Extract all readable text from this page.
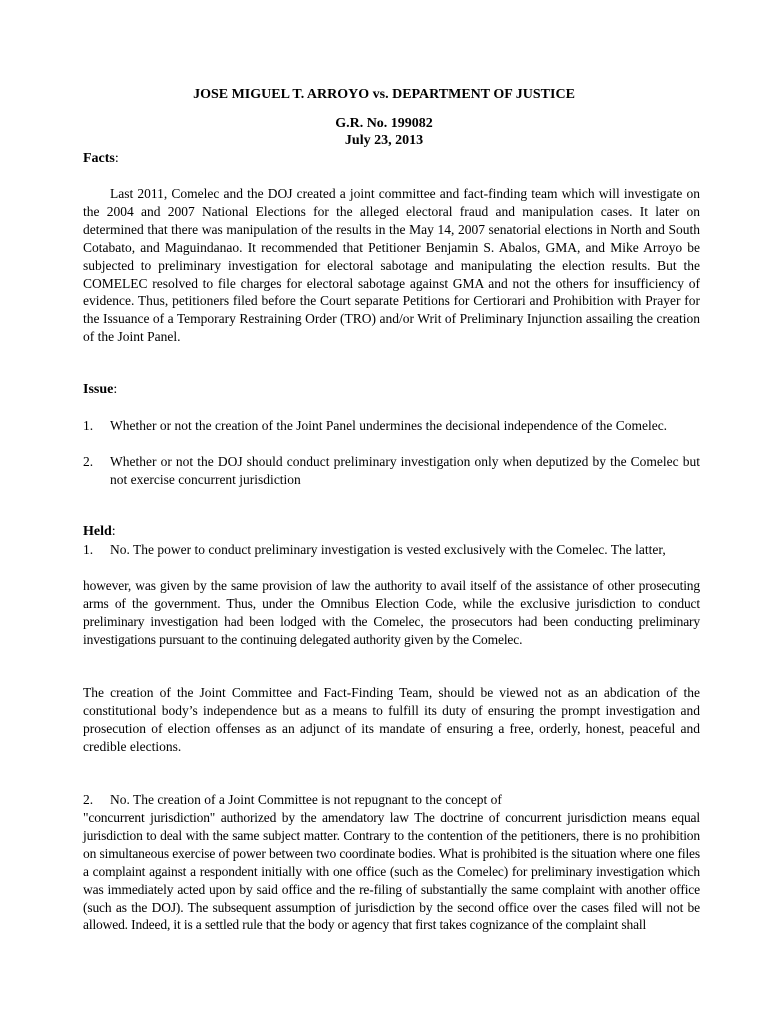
JOSE MIGUEL T. ARROYO vs. DEPARTMENT OF JUSTICE
G.R. No. 199082
July 23, 2013
Facts:

Last 2011, Comelec and the DOJ created a joint committee and fact-finding team which will investigate on the 2004 and 2007 National Elections for the alleged electoral fraud and manipulation cases. It later on determined that there was manipulation of the results in the May 14, 2007 senatorial elections in North and South Cotabato, and Maguindanao. It recommended that Petitioner Benjamin S. Abalos, GMA, and Mike Arroyo be subjected to preliminary investigation for electoral sabotage and manipulating the election results. But the COMELEC resolved to file charges for electoral sabotage against GMA and not the others for insufficiency of evidence. Thus, petitioners filed before the Court separate Petitions for Certiorari and Prohibition with Prayer for the Issuance of a Temporary Restraining Order (TRO) and/or Writ of Preliminary Injunction assailing the creation of the Joint Panel.

Issue:
1.	Whether or not the creation of the Joint Panel undermines the decisional independence of the Comelec.
2.	Whether or not the DOJ should conduct preliminary investigation only when deputized by the Comelec but not exercise concurrent jurisdiction
Held:
1.	No. The power to conduct preliminary investigation is vested exclusively with the Comelec. The latter,

however, was given by the same provision of law the authority to avail itself of the assistance of other prosecuting arms of the government. Thus, under the Omnibus Election Code, while the exclusive jurisdiction to conduct preliminary investigation had been lodged with the Comelec, the prosecutors had been conducting preliminary investigations pursuant to the continuing delegated authority given by the Comelec.

The creation of the Joint Committee and Fact-Finding Team, should be viewed not as an abdication of the constitutional body’s independence but as a means to fulfill its duty of ensuring the prompt investigation and prosecution of election offenses as an adjunct of its mandate of ensuring a free, orderly, honest, peaceful and credible elections.

2.	No. The creation of a Joint Committee is not repugnant to the concept of

"concurrent jurisdiction" authorized by the amendatory law The doctrine of concurrent jurisdiction means equal jurisdiction to deal with the same subject matter. Contrary to the contention of the petitioners, there is no prohibition on simultaneous exercise of power between two coordinate bodies. What is prohibited is the situation where one files a complaint against a respondent initially with one office (such as the Comelec) for preliminary investigation which was immediately acted upon by said office and the re-filing of substantially the same complaint with another office (such as the DOJ). The subsequent assumption of jurisdiction by the second office over the cases filed will not be allowed. Indeed, it is a settled rule that the body or agency that first takes cognizance of the complaint shall
